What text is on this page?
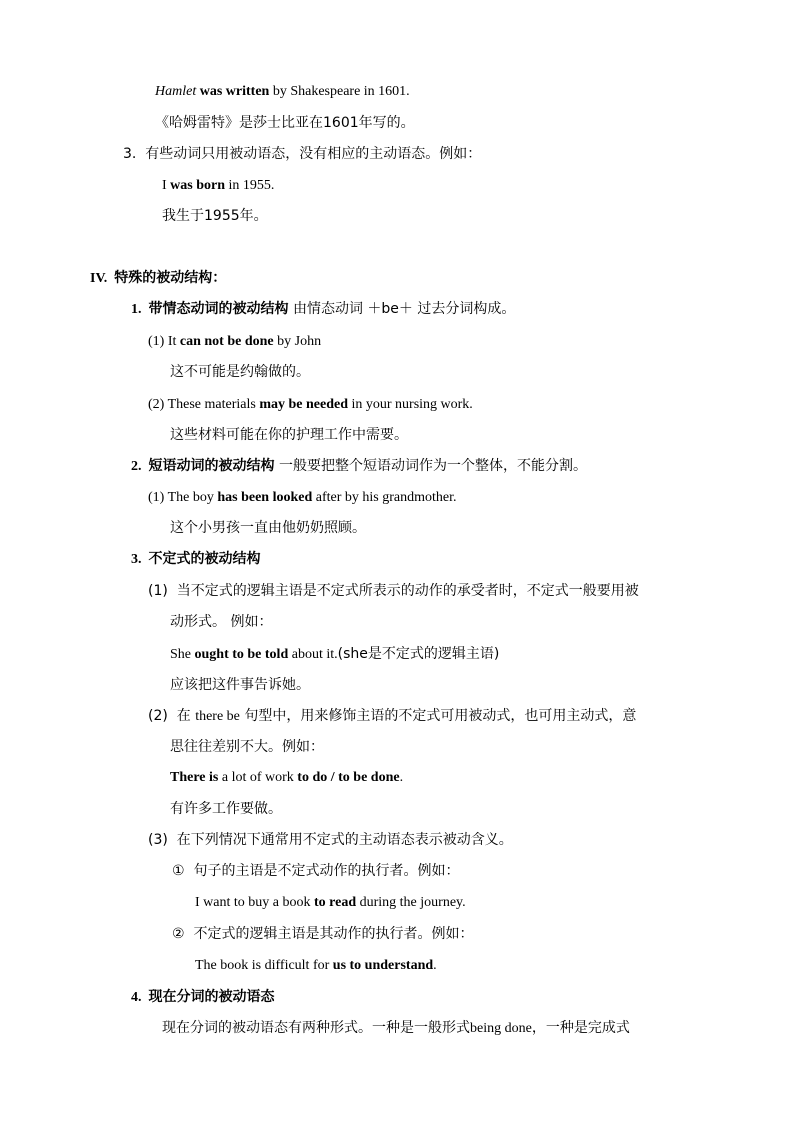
Hamlet was written by Shakespeare in 1601.
《哈姆雷特》是莎士比亚在1601年写的。
3. 有些动词只用被动语态，没有相应的主动语态。例如：
I was born in 1955.
我生于1955年。
IV. 特殊的被动结构：
1. 带情态动词的被动结构 由情态动词 ＋be＋ 过去分词构成。
(1) It can not be done by John
这不可能是约翰做的。
(2) These materials may be needed in your nursing work.
这些材料可能在你的护理工作中需要。
2. 短语动词的被动结构 一般要把整个短语动词作为一个整体，不能分割。
(1) The boy has been looked after by his grandmother.
这个小男孩一直由他奶奶照顾。
3. 不定式的被动结构
(1) 当不定式的逻辑主语是不定式所表示的动作的承受者时，不定式一般要用被
动形式。 例如：
She ought to be told about it.(she是不定式的逻辑主语)
应该把这件事告诉她。
(2) 在 there be 句型中，用来修饰主语的不定式可用被动式，也可用主动式，意
思往往差别不大。例如：
There is a lot of work to do / to be done.
有许多工作要做。
(3) 在下列情况下通常用不定式的主动语态表示被动含义。
① 句子的主语是不定式动作的执行者。例如：
I want to buy a book to read during the journey.
② 不定式的逻辑主语是其动作的执行者。例如：
The book is difficult for us to understand.
4. 现在分词的被动语态
现在分词的被动语态有两种形式。一种是一般形式being done，一种是完成式
